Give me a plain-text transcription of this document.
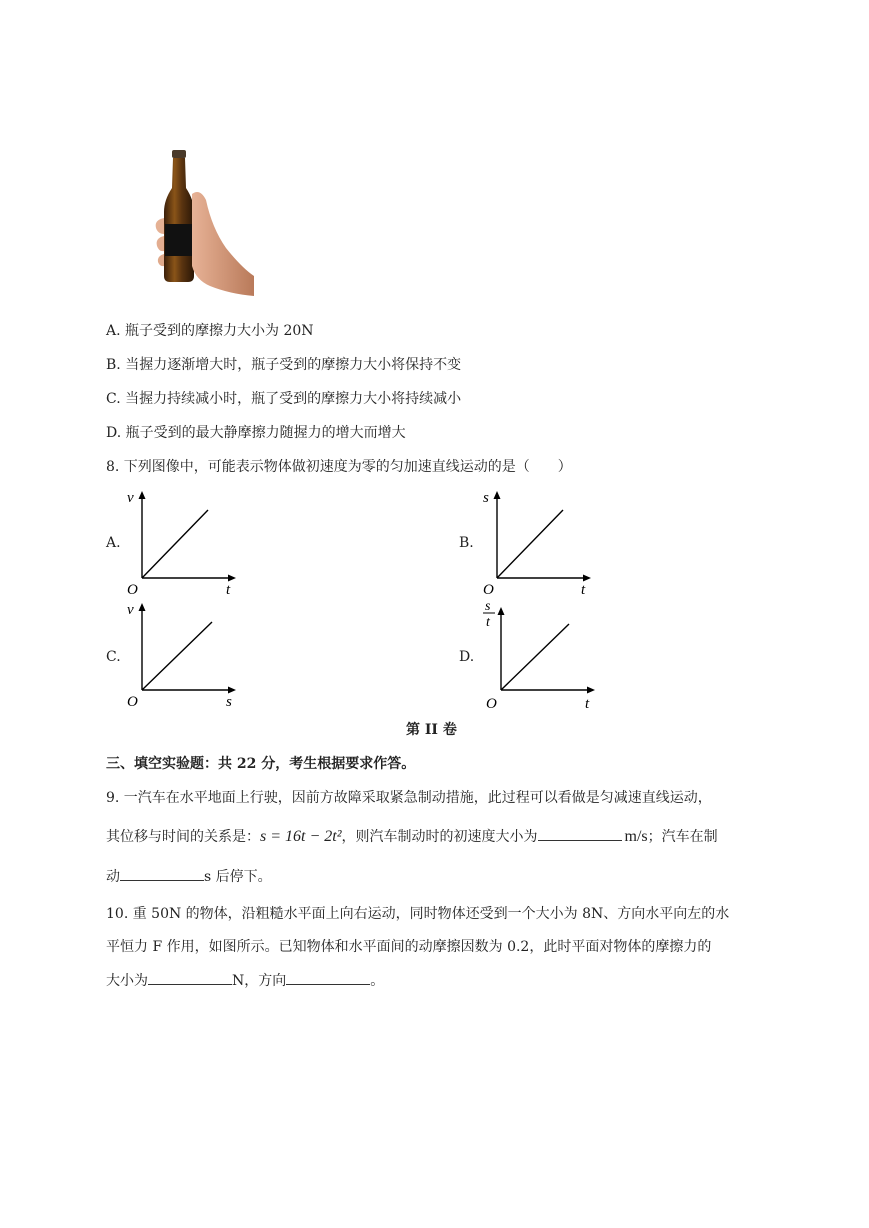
A. 瓶子受到的摩擦力大小为 20N
B. 当握力逐渐增大时，瓶子受到的摩擦力大小将保持不变
C. 当握力持续减小时，瓶了受到的摩擦力大小将持续减小
D. 瓶子受到的最大静摩擦力随握力的增大而增大
8. 下列图像中，可能表示物体做初速度为零的匀加速直线运动的是（　　）
A.
v
t
O
B.
s
t
O
C.
v
s
O
D.
s
t
t
O
第 II 卷
三、填空实验题：共 22 分，考生根据要求作答。
9. 一汽车在水平地面上行驶，因前方故障采取紧急制动措施，此过程可以看做是匀减速直线运动，
其位移与时间的关系是：s = 16t − 2t²，则汽车制动时的初速度大小为	m/s；汽车在制
动	s 后停下。
10. 重 50N 的物体，沿粗糙水平面上向右运动，同时物体还受到一个大小为 8N、方向水平向左的水
平恒力 F 作用，如图所示。已知物体和水平面间的动摩擦因数为 0.2，此时平面对物体的摩擦力的
大小为	N，方向	。
